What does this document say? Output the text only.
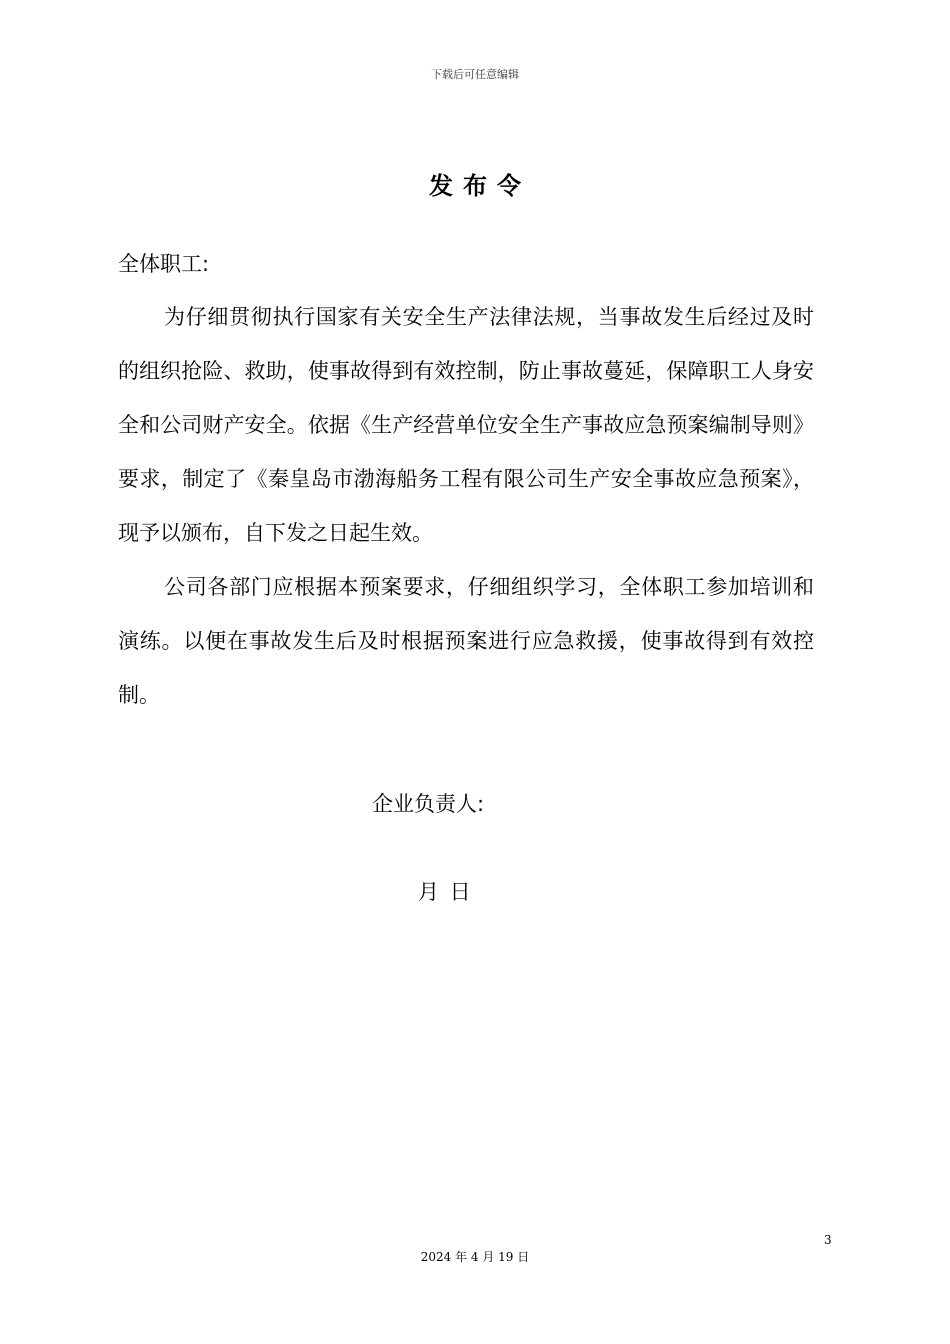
下载后可任意编辑
发布令
全体职工:

为仔细贯彻执行国家有关安全生产法律法规，当事故发生后经过及时的组织抢险、救助，使事故得到有效控制，防止事故蔓延，保障职工人身安全和公司财产安全。依据《生产经营单位安全生产事故应急预案编制导则》要求，制定了《秦皇岛市渤海船务工程有限公司生产安全事故应急预案》，现予以颁布，自下发之日起生效。

公司各部门应根据本预案要求，仔细组织学习，全体职工参加培训和演练。以便在事故发生后及时根据预案进行应急救援，使事故得到有效控制。

企业负责人:
月 日
3
2024 年 4 月 19 日
